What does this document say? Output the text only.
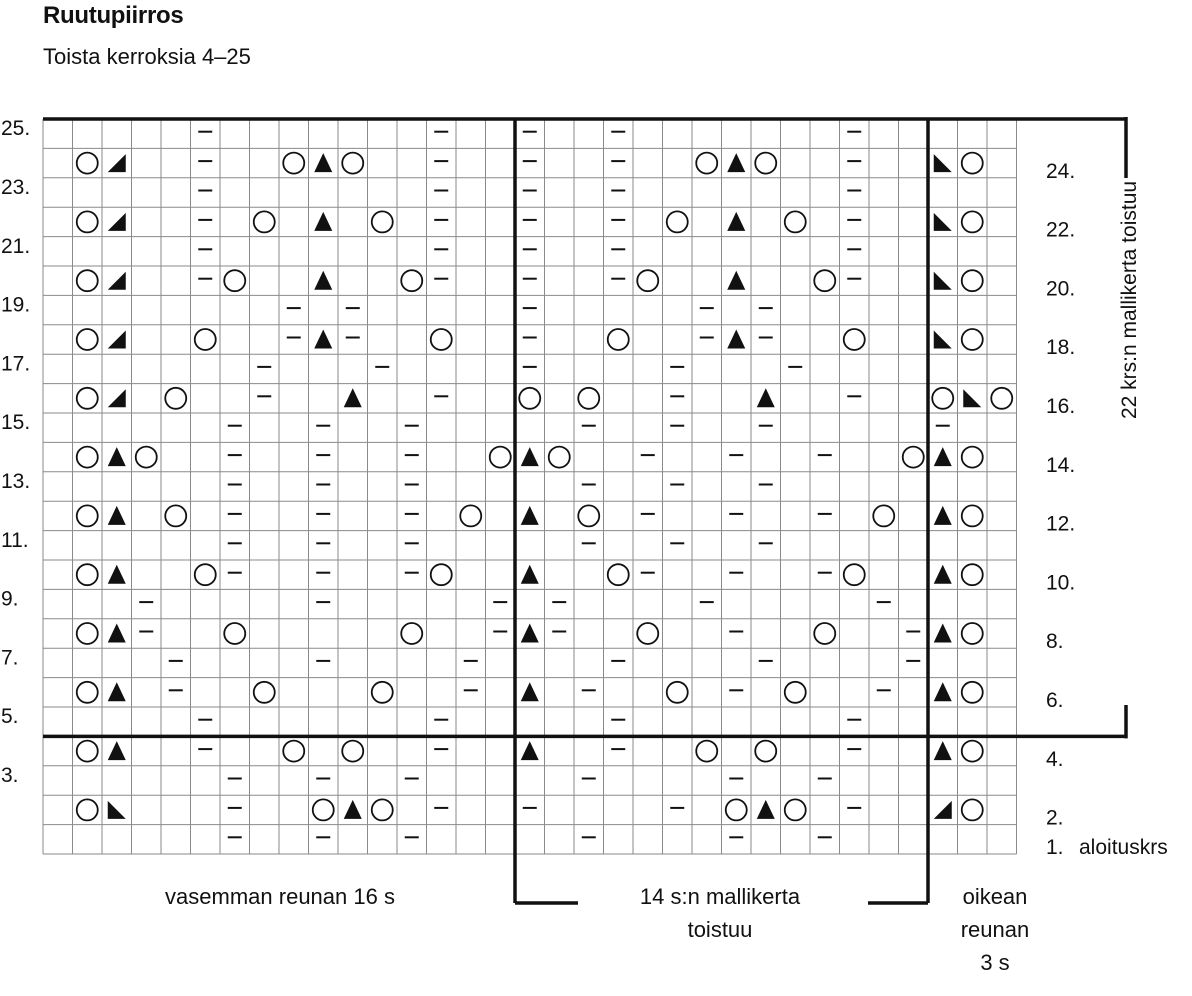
Ruutupiirros
Toista kerroksia 4–25
25.
23.
21.
19.
17.
15.
13.
11.
9.
7.
5.
3.
24.
22.
20.
18.
16.
14.
12.
10.
8.
6.
4.
2.
1. aloituskrs
22 krs:n mallikerta toistuu
vasemman reunan 16 s	14 s:n mallikerta
toistuu
oikean
reunan
3 s
